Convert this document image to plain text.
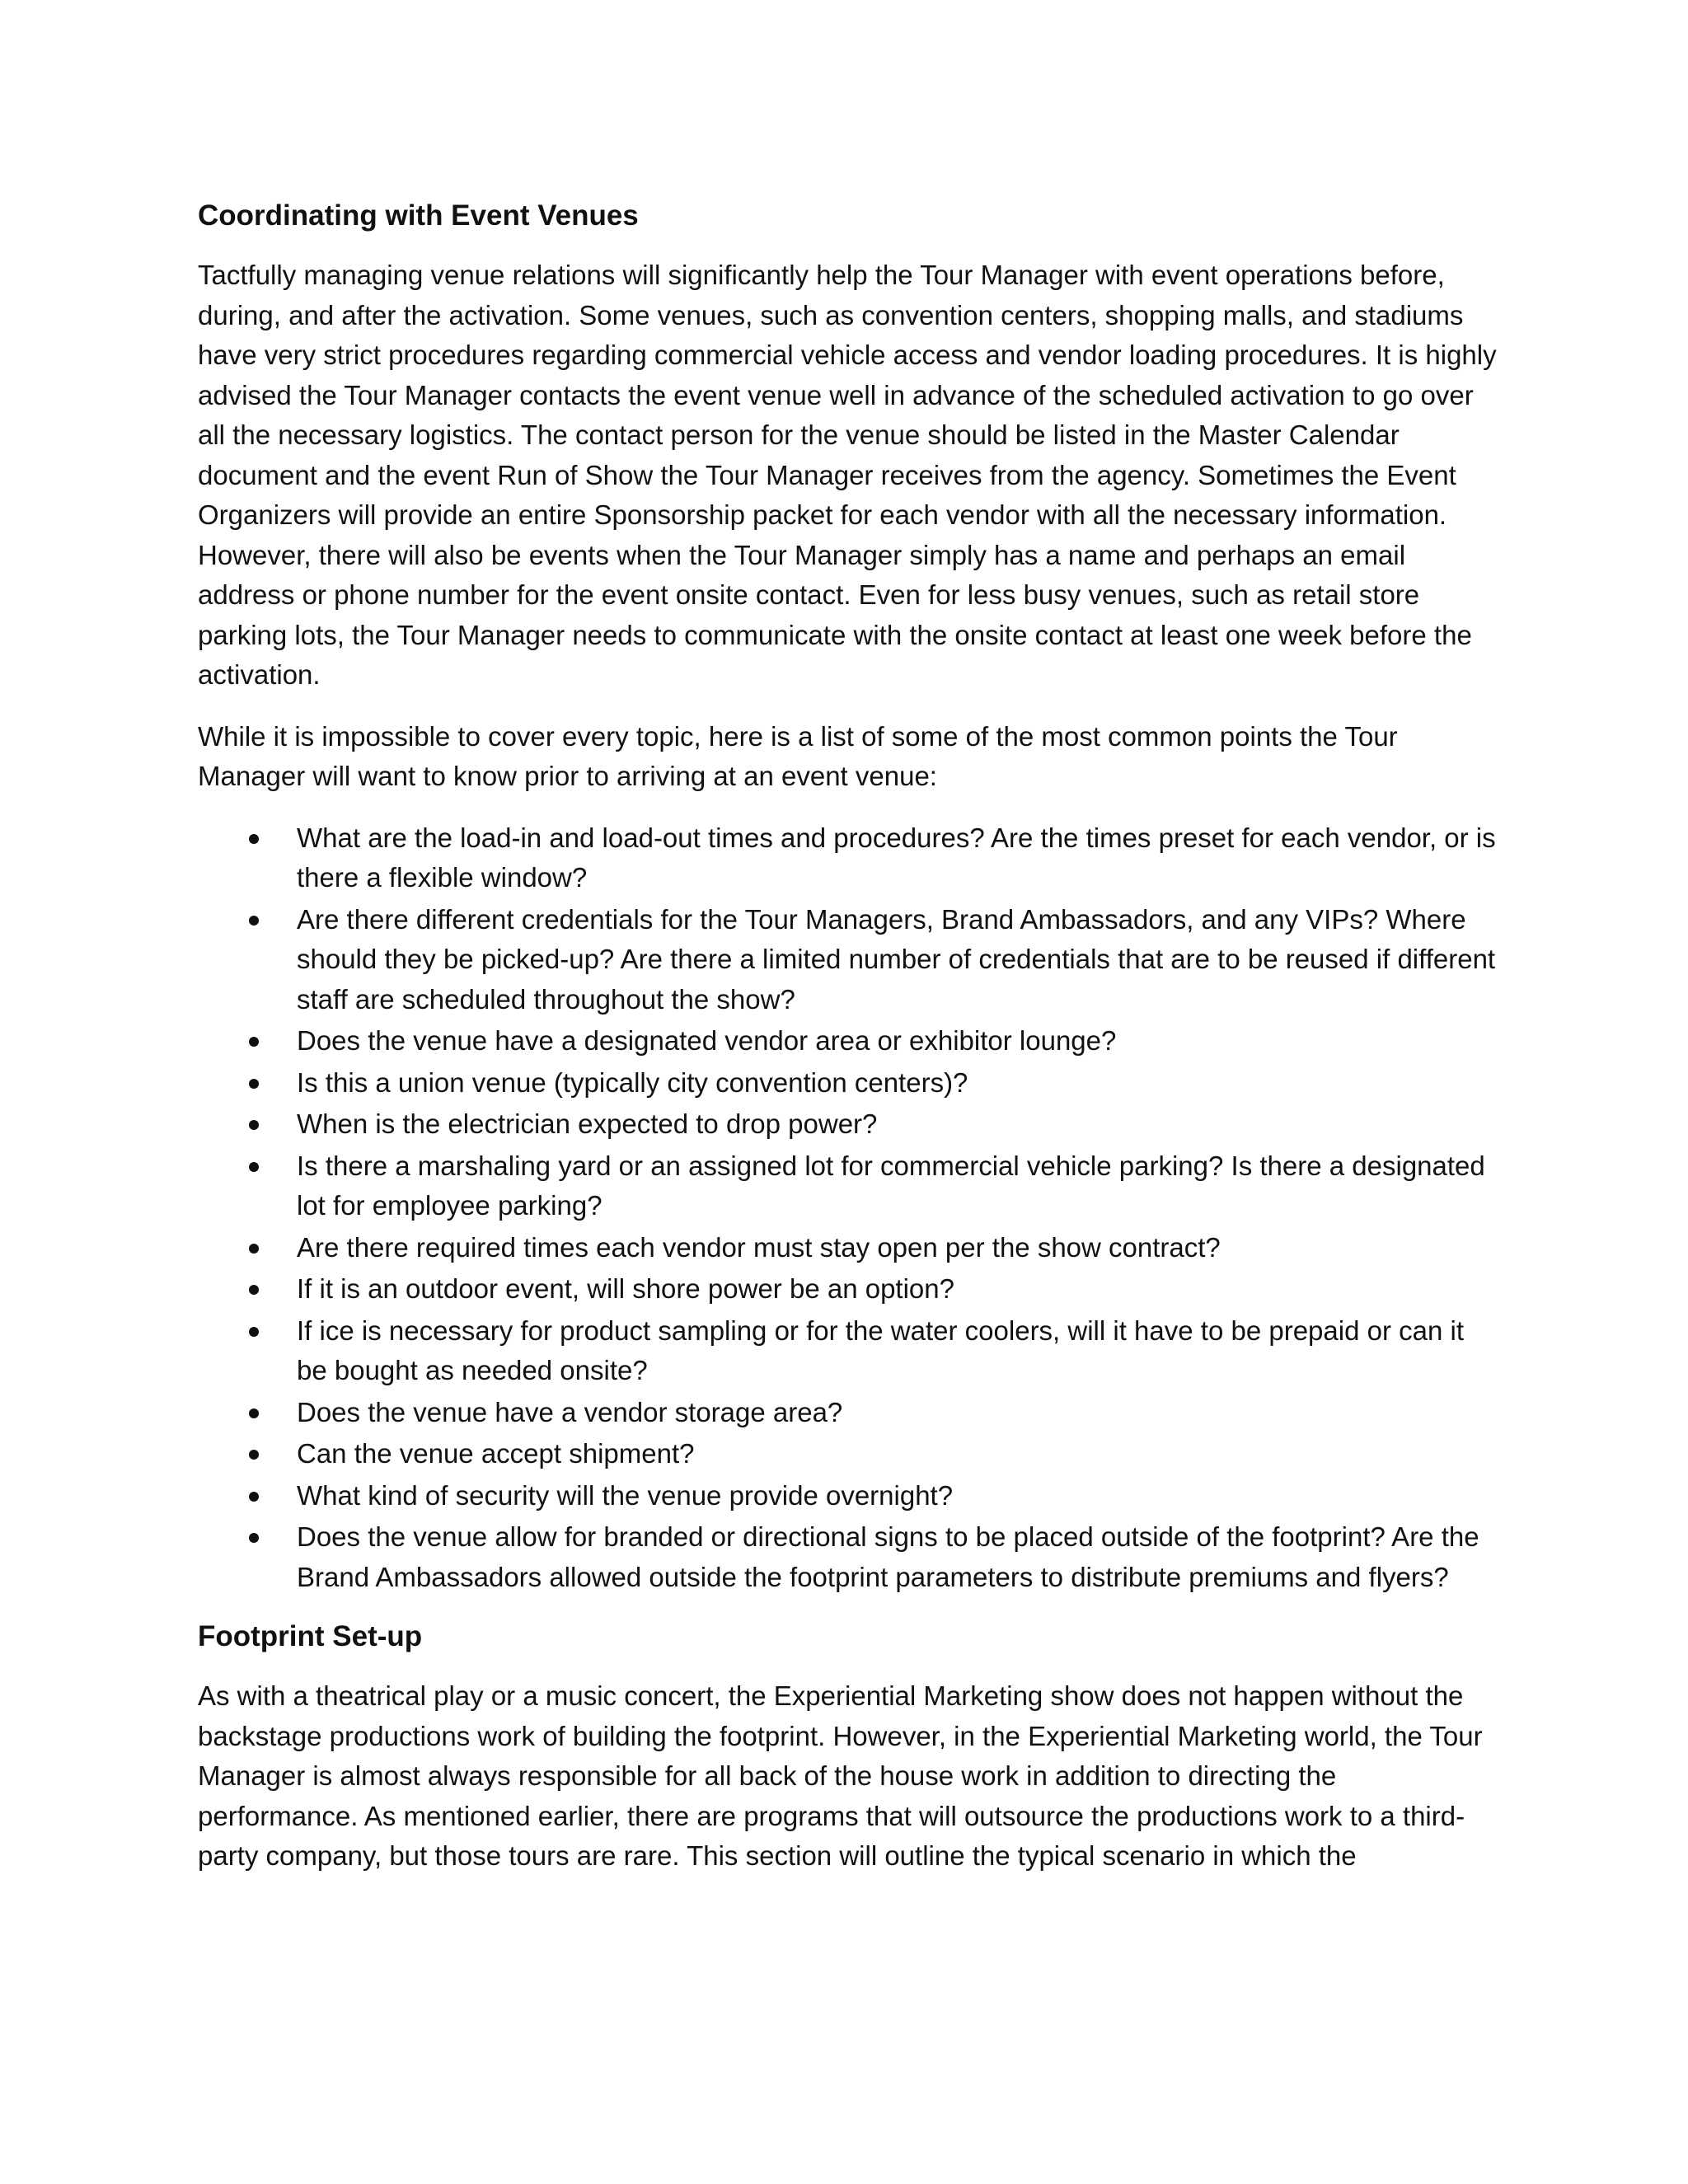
Coordinating with Event Venues

Tactfully managing venue relations will significantly help the Tour Manager with event operations before, during, and after the activation. Some venues, such as convention centers, shopping malls, and stadiums have very strict procedures regarding commercial vehicle access and vendor loading procedures. It is highly advised the Tour Manager contacts the event venue well in advance of the scheduled activation to go over all the necessary logistics. The contact person for the venue should be listed in the Master Calendar document and the event Run of Show the Tour Manager receives from the agency. Sometimes the Event Organizers will provide an entire Sponsorship packet for each vendor with all the necessary information. However, there will also be events when the Tour Manager simply has a name and perhaps an email address or phone number for the event onsite contact. Even for less busy venues, such as retail store parking lots, the Tour Manager needs to communicate with the onsite contact at least one week before the activation.

While it is impossible to cover every topic, here is a list of some of the most common points the Tour Manager will want to know prior to arriving at an event venue:

What are the load-in and load-out times and procedures? Are the times preset for each vendor, or is there a flexible window?
Are there different credentials for the Tour Managers, Brand Ambassadors, and any VIPs? Where should they be picked-up? Are there a limited number of credentials that are to be reused if different staff are scheduled throughout the show?
Does the venue have a designated vendor area or exhibitor lounge?
Is this a union venue (typically city convention centers)?
When is the electrician expected to drop power?
Is there a marshaling yard or an assigned lot for commercial vehicle parking? Is there a designated lot for employee parking?
Are there required times each vendor must stay open per the show contract?
If it is an outdoor event, will shore power be an option?
If ice is necessary for product sampling or for the water coolers, will it have to be prepaid or can it be bought as needed onsite?
Does the venue have a vendor storage area?
Can the venue accept shipment?
What kind of security will the venue provide overnight?
Does the venue allow for branded or directional signs to be placed outside of the footprint? Are the Brand Ambassadors allowed outside the footprint parameters to distribute premiums and flyers?
Footprint Set-up

As with a theatrical play or a music concert, the Experiential Marketing show does not happen without the backstage productions work of building the footprint. However, in the Experiential Marketing world, the Tour Manager is almost always responsible for all back of the house work in addition to directing the performance. As mentioned earlier, there are programs that will outsource the productions work to a third-party company, but those tours are rare. This section will outline the typical scenario in which the
